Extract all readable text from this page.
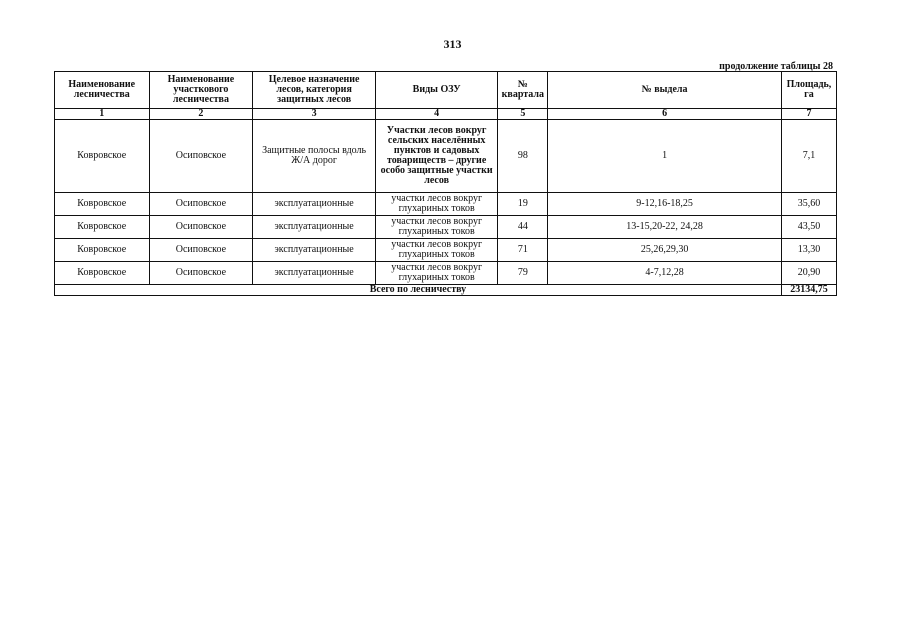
313
продолжение таблицы 28
Наименование лесничества	Наименование участкового лесничества	Целевое назначение лесов, категория защитных лесов	Виды ОЗУ	№ квартала	№ выдела	Площадь, га
1	2	3	4	5	6	7
Ковровское	Осиповское	Защитные полосы вдоль Ж/А дорог	Участки лесов вокруг сельских населённых пунктов и садовых товариществ – другие особо защитные участки лесов	98	1	7,1
Ковровское	Осиповское	эксплуатационные	участки лесов вокруг глухариных токов	19	9-12,16-18,25	35,60
Ковровское	Осиповское	эксплуатационные	участки лесов вокруг глухариных токов	44	13-15,20-22, 24,28	43,50
Ковровское	Осиповское	эксплуатационные	участки лесов вокруг глухариных токов	71	25,26,29,30	13,30
Ковровское	Осиповское	эксплуатационные	участки лесов вокруг глухариных токов	79	4-7,12,28	20,90
Всего по лесничеству						23134,75
